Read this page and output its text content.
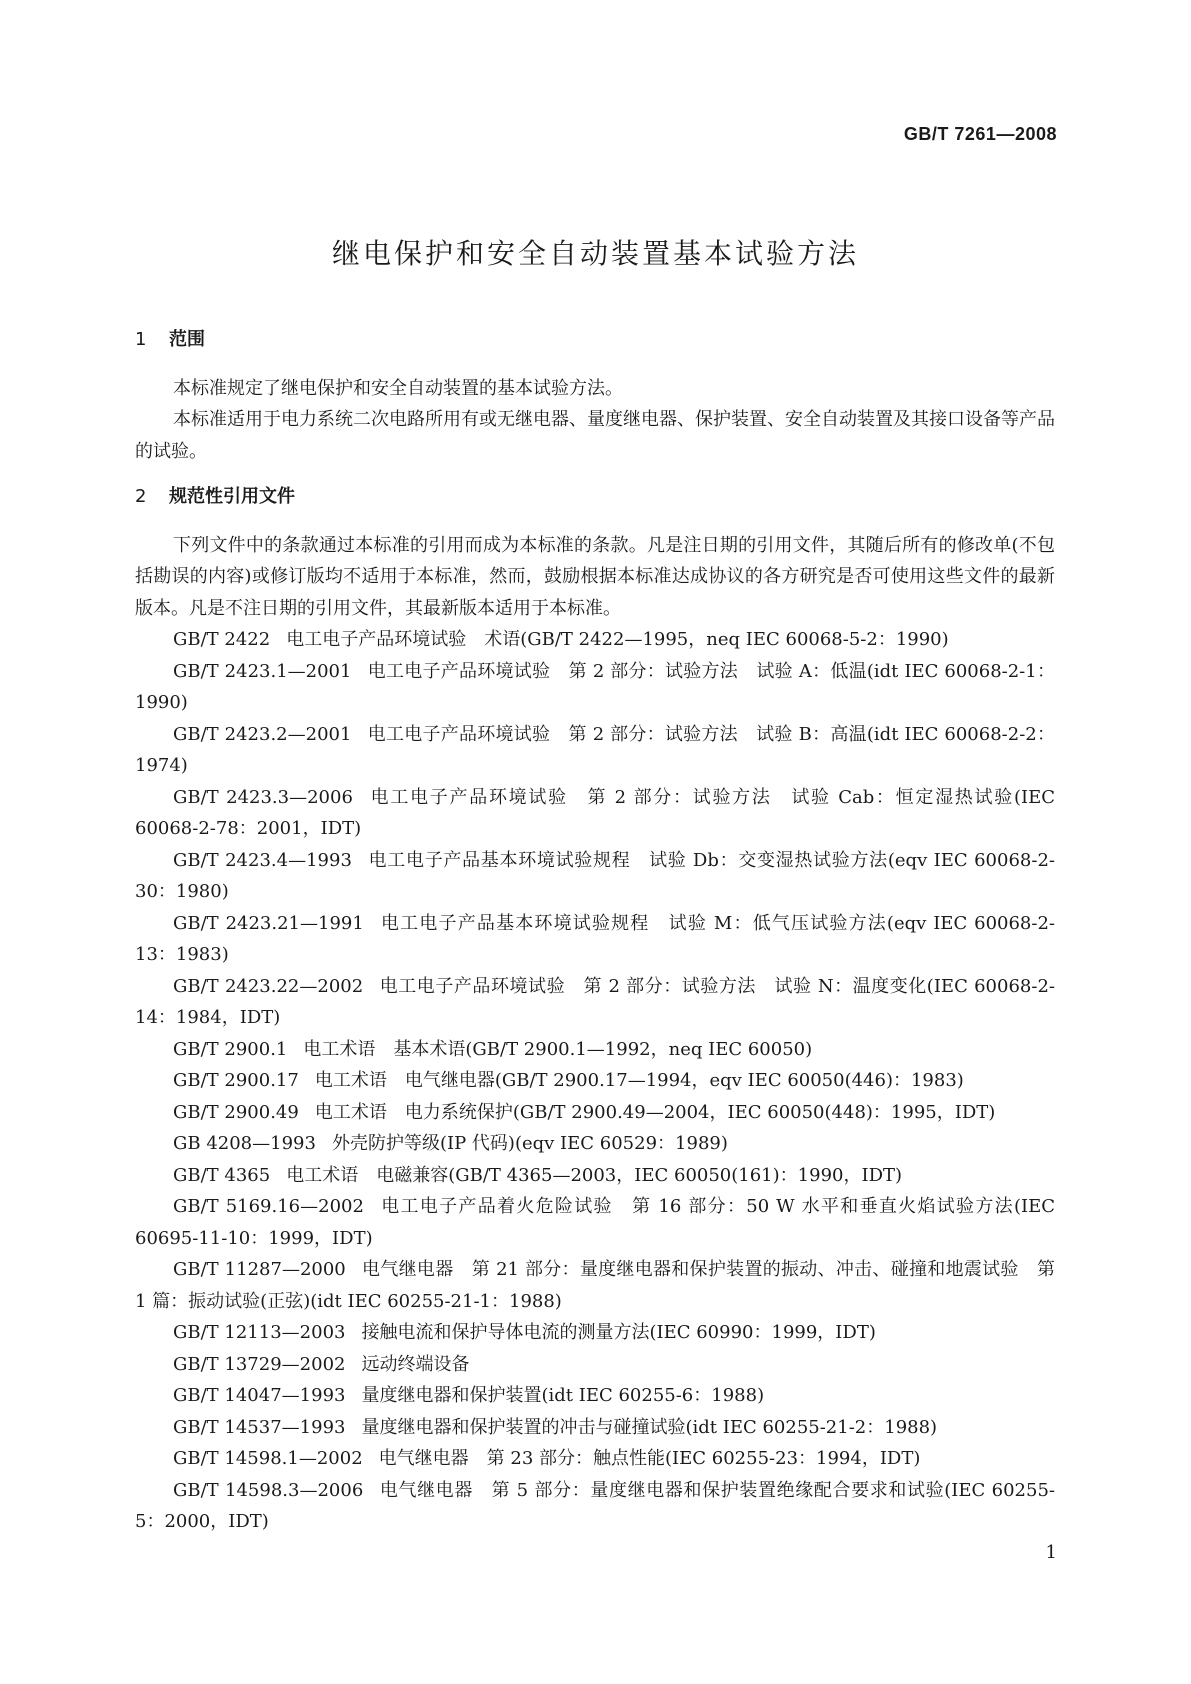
GB/T 7261—2008
继电保护和安全自动装置基本试验方法
1 范围

本标准规定了继电保护和安全自动装置的基本试验方法。

本标准适用于电力系统二次电路所用有或无继电器、量度继电器、保护装置、安全自动装置及其接口设备等产品的试验。

2 规范性引用文件

下列文件中的条款通过本标准的引用而成为本标准的条款。凡是注日期的引用文件，其随后所有的修改单(不包括勘误的内容)或修订版均不适用于本标准，然而，鼓励根据本标准达成协议的各方研究是否可使用这些文件的最新版本。凡是不注日期的引用文件，其最新版本适用于本标准。

GB/T 2422 电工电子产品环境试验　术语(GB/T 2422—1995，neq IEC 60068-5-2：1990)
GB/T 2423.1—2001 电工电子产品环境试验　第 2 部分：试验方法　试验 A：低温(idt IEC 60068-2-1：1990)
GB/T 2423.2—2001 电工电子产品环境试验　第 2 部分：试验方法　试验 B：高温(idt IEC 60068-2-2：1974)
GB/T 2423.3—2006 电工电子产品环境试验　第 2 部分：试验方法　试验 Cab：恒定湿热试验(IEC 60068-2-78：2001，IDT)
GB/T 2423.4—1993 电工电子产品基本环境试验规程　试验 Db：交变湿热试验方法(eqv IEC 60068-2-30：1980)
GB/T 2423.21—1991 电工电子产品基本环境试验规程　试验 M：低气压试验方法(eqv IEC 60068-2-13：1983)
GB/T 2423.22—2002 电工电子产品环境试验　第 2 部分：试验方法　试验 N：温度变化(IEC 60068-2-14：1984，IDT)
GB/T 2900.1 电工术语　基本术语(GB/T 2900.1—1992，neq IEC 60050)
GB/T 2900.17 电工术语　电气继电器(GB/T 2900.17—1994，eqv IEC 60050(446)：1983)
GB/T 2900.49 电工术语　电力系统保护(GB/T 2900.49—2004，IEC 60050(448)：1995，IDT)
GB 4208—1993 外壳防护等级(IP 代码)(eqv IEC 60529：1989)
GB/T 4365 电工术语　电磁兼容(GB/T 4365—2003，IEC 60050(161)：1990，IDT)
GB/T 5169.16—2002 电工电子产品着火危险试验　第 16 部分：50 W 水平和垂直火焰试验方法(IEC 60695-11-10：1999，IDT)
GB/T 11287—2000 电气继电器　第 21 部分：量度继电器和保护装置的振动、冲击、碰撞和地震试验　第 1 篇：振动试验(正弦)(idt IEC 60255-21-1：1988)
GB/T 12113—2003 接触电流和保护导体电流的测量方法(IEC 60990：1999，IDT)
GB/T 13729—2002 远动终端设备
GB/T 14047—1993 量度继电器和保护装置(idt IEC 60255-6：1988)
GB/T 14537—1993 量度继电器和保护装置的冲击与碰撞试验(idt IEC 60255-21-2：1988)
GB/T 14598.1—2002 电气继电器　第 23 部分：触点性能(IEC 60255-23：1994，IDT)
GB/T 14598.3—2006 电气继电器　第 5 部分：量度继电器和保护装置绝缘配合要求和试验(IEC 60255-5：2000，IDT)
1
